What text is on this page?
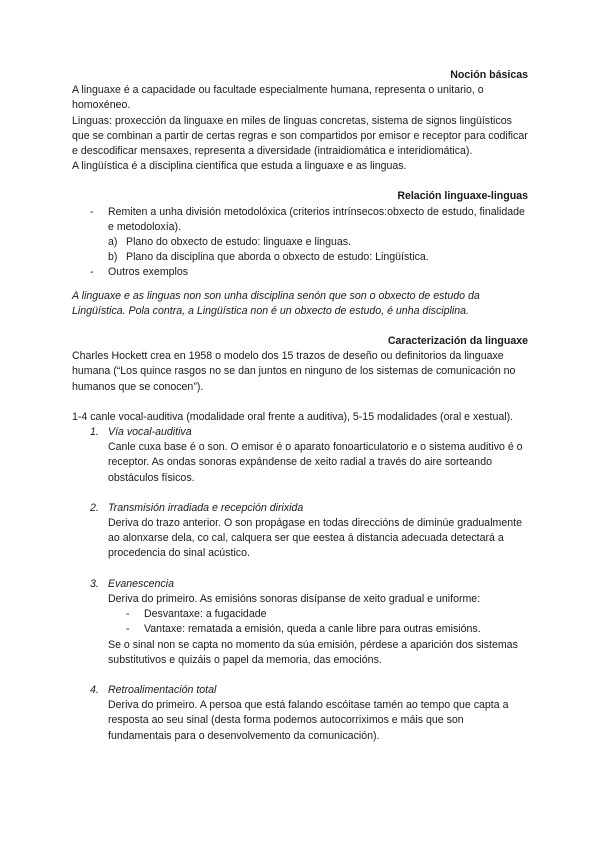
Noción básicas

A linguaxe é a capacidade ou facultade especialmente humana, representa o unitario, o homoxéneo.

Linguas: proxección da linguaxe en miles de linguas concretas, sistema de signos lingüísticos que se combinan a partir de certas regras e son compartidos por emisor e receptor para codificar e descodificar mensaxes, representa a diversidade (intraidiomática e interidiomática).

A lingüística é a disciplina científica que estuda a linguaxe e as linguas.

Relación linguaxe-linguas

- Remiten a unha división metodolóxica (criterios intrínsecos:obxecto de estudo, finalidade e metodoloxía).
a) Plano do obxecto de estudo: linguaxe e linguas.
b) Plano da disciplina que aborda o obxecto de estudo: Lingüística.
- Outros exemplos

A linguaxe e as linguas non son unha disciplina senón que son o obxecto de estudo da Lingüística. Pola contra, a Lingüística non é un obxecto de estudo, é unha disciplina.

Caracterización da linguaxe

Charles Hockett crea en 1958 o modelo dos 15 trazos de deseño ou definitorios da linguaxe humana (“Los quince rasgos no se dan juntos en ninguno de los sistemas de comunicación no humanos que se conocen”).

1-4 canle vocal-auditiva (modalidade oral frente a auditiva), 5-15 modalidades (oral e xestual).

1. Vía vocal-auditiva

Canle cuxa base é o son. O emisor é o aparato fonoarticulatorio e o sistema auditivo é o receptor. As ondas sonoras expándense de xeito radial a través do aire sorteando obstáculos físicos.

2. Transmisión irradiada e recepción dirixida

Deriva do trazo anterior. O son propágase en todas direccións de diminúe gradualmente ao alonxarse dela, co cal, calquera ser que eestea á distancia adecuada detectará a procedencia do sinal acústico.

3. Evanescencia

Deriva do primeiro. As emisións sonoras disípanse de xeito gradual e uniforme:

- Desvantaxe: a fugacidade
- Vantaxe: rematada a emisión, queda a canle libre para outras emisións.

Se o sinal non se capta no momento da súa emisión, pérdese a aparición dos sistemas substitutivos e quizáis o papel da memoria, das emocións.

4. Retroalimentación total

Deriva do primeiro. A persoa que está falando escóitase tamén ao tempo que capta a resposta ao seu sinal (desta forma podemos autocorriximos e máis que son fundamentais para o desenvolvemento da comunicación).
